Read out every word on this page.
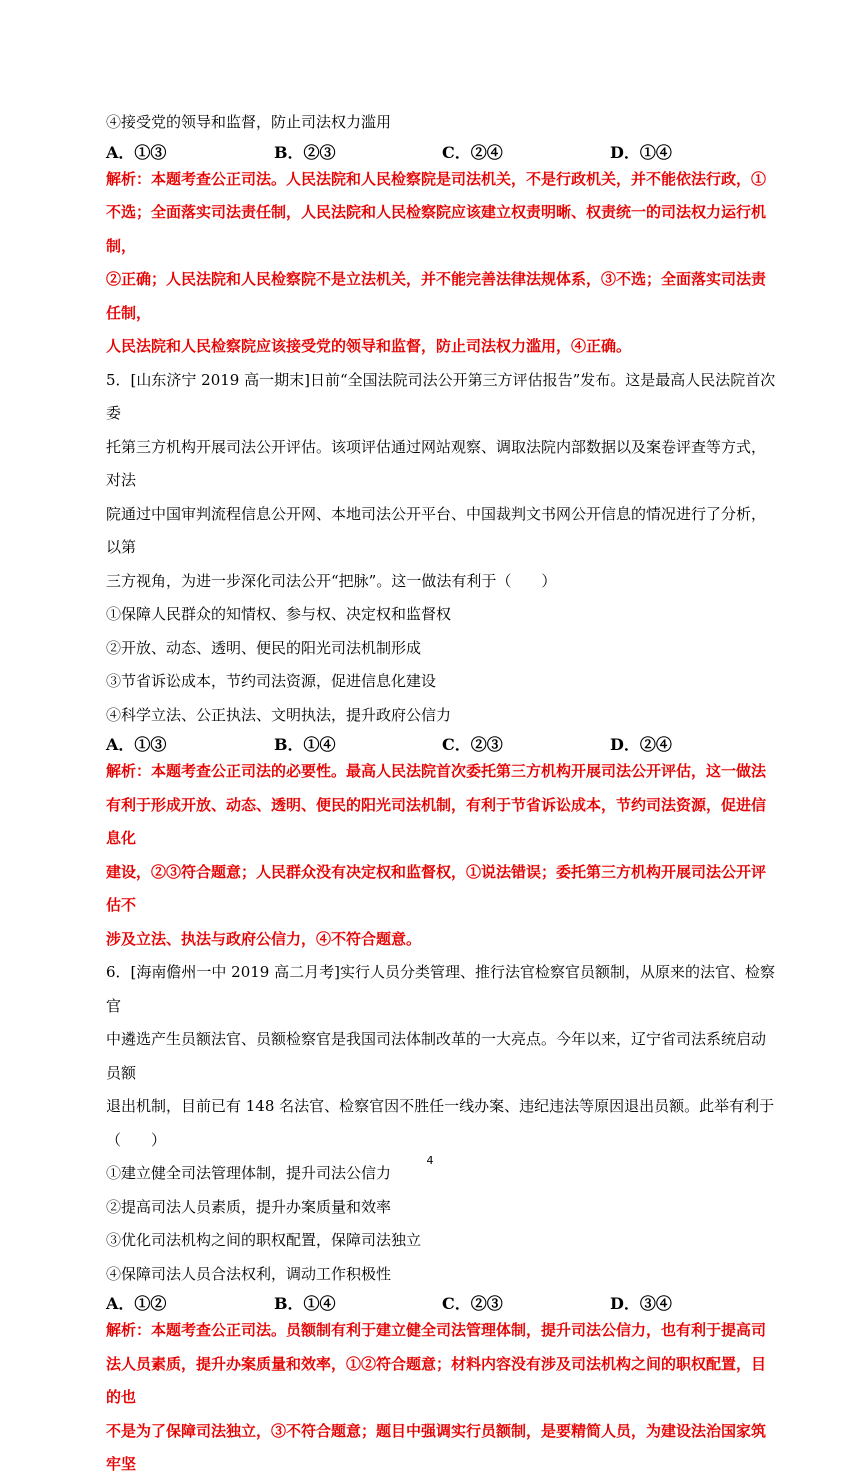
④接受党的领导和监督，防止司法权力滥用

A．①③	B．②③	C．②④	D．①④

解析：本题考查公正司法。人民法院和人民检察院是司法机关，不是行政机关，并不能依法行政，①

不选；全面落实司法责任制，人民法院和人民检察院应该建立权责明晰、权责统一的司法权力运行机制，

②正确；人民法院和人民检察院不是立法机关，并不能完善法律法规体系，③不选；全面落实司法责任制，

人民法院和人民检察院应该接受党的领导和监督，防止司法权力滥用，④正确。

5．[山东济宁 2019 高一期末]日前“全国法院司法公开第三方评估报告”发布。这是最高人民法院首次委

托第三方机构开展司法公开评估。该项评估通过网站观察、调取法院内部数据以及案卷评查等方式，对法

院通过中国审判流程信息公开网、本地司法公开平台、中国裁判文书网公开信息的情况进行了分析，以第

三方视角，为进一步深化司法公开“把脉”。这一做法有利于（　　）

①保障人民群众的知情权、参与权、决定权和监督权

②开放、动态、透明、便民的阳光司法机制形成

③节省诉讼成本，节约司法资源，促进信息化建设

④科学立法、公正执法、文明执法，提升政府公信力

A．①③	B．①④	C．②③	D．②④

解析：本题考查公正司法的必要性。最高人民法院首次委托第三方机构开展司法公开评估，这一做法

有利于形成开放、动态、透明、便民的阳光司法机制，有利于节省诉讼成本，节约司法资源，促进信息化

建设，②③符合题意；人民群众没有决定权和监督权，①说法错误；委托第三方机构开展司法公开评估不

涉及立法、执法与政府公信力，④不符合题意。

6．[海南儋州一中 2019 高二月考]实行人员分类管理、推行法官检察官员额制，从原来的法官、检察官

中遴选产生员额法官、员额检察官是我国司法体制改革的一大亮点。今年以来，辽宁省司法系统启动员额

退出机制，目前已有 148 名法官、检察官因不胜任一线办案、违纪违法等原因退出员额。此举有利于（　　）

①建立健全司法管理体制，提升司法公信力

②提高司法人员素质，提升办案质量和效率

③优化司法机构之间的职权配置，保障司法独立

④保障司法人员合法权利，调动工作积极性

A．①②	B．①④	C．②③	D．③④

解析：本题考查公正司法。员额制有利于建立健全司法管理体制，提升司法公信力，也有利于提高司

法人员素质，提升办案质量和效率，①②符合题意；材料内容没有涉及司法机构之间的职权配置，目的也

不是为了保障司法独立，③不符合题意；题目中强调实行员额制，是要精简人员，为建设法治国家筑牢坚

4
